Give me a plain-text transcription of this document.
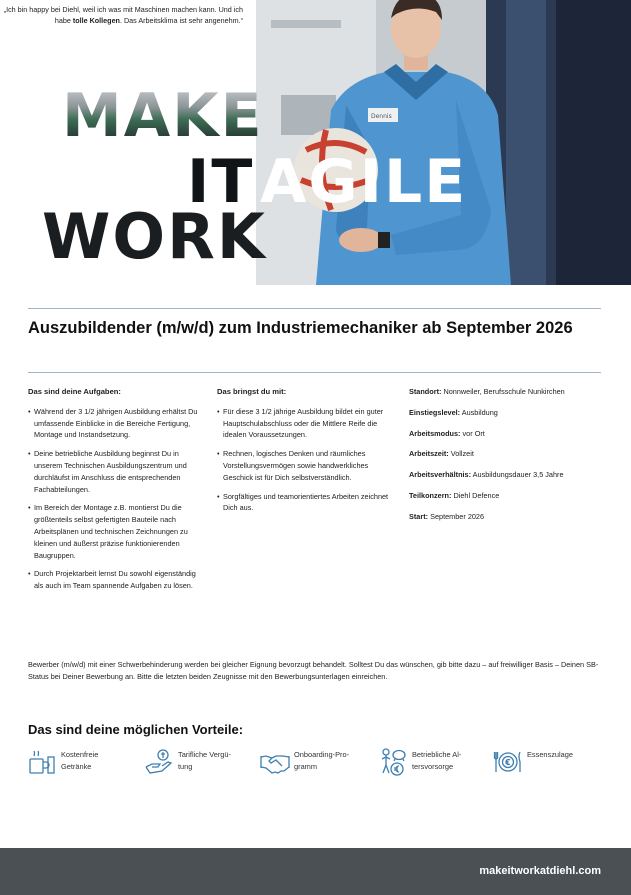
„Ich bin happy bei Diehl, weil ich was mit Maschinen machen kann. Und ich habe tolle Kollegen. Das Arbeitsklima ist sehr angenehm.“
Dennis
MAKE
IT AGILE
WORK
Auszubildender (m/w/d) zum Industriemechaniker ab September 2026
Das sind deine Aufgaben:
• Während der 3 1/2 jährigen Ausbildung erhältst Du umfassende Einblicke in die Bereiche Fertigung, Montage und Instandsetzung.
• Deine betriebliche Ausbildung beginnst Du in unserem Technischen Ausbildungszentrum und durchläufst im Anschluss die entsprechenden Fachabteilungen.
• Im Bereich der Montage z.B. montierst Du die größtenteils selbst gefertigten Bauteile nach Arbeitsplänen und technischen Zeichnungen zu kleinen und äußerst präzise funktionierenden Baugruppen.
• Durch Projektarbeit lernst Du sowohl eigenständig als auch im Team spannende Aufgaben zu lösen.
Das bringst du mit:
• Für diese 3 1/2 jährige Ausbildung bildet ein guter Hauptschulabschluss oder die Mittlere Reife die idealen Voraussetzungen.
• Rechnen, logisches Denken und räumliches Vorstellungsvermögen sowie handwerkliches Geschick ist für Dich selbstverständlich.
• Sorgfältiges und teamorientiertes Arbeiten zeichnet Dich aus.
Standort: Nonnweiler, Berufsschule Nunkirchen
Einstiegslevel: Ausbildung
Arbeitsmodus: vor Ort
Arbeitszeit: Vollzeit
Arbeitsverhältnis: Ausbildungsdauer 3,5 Jahre
Teilkonzern: Diehl Defence
Start: September 2026

Bewerber (m/w/d) mit einer Schwerbehinderung werden bei gleicher Eignung bevorzugt behandelt. Solltest Du das wünschen, gib bitte dazu – auf freiwilliger Basis – Deinen SB-Status bei Deiner Bewerbung an. Bitte die letzten beiden Zeugnisse mit den Bewerbungsunterlagen einreichen.

Das sind deine möglichen Vorteile:
Kostenfreie
Getränke
Tarifliche Vergü-
tung
Onboarding-Pro-
gramm
Betriebliche Al-
tersvorsorge
Essenszulage
makeitworkatdiehl.com
